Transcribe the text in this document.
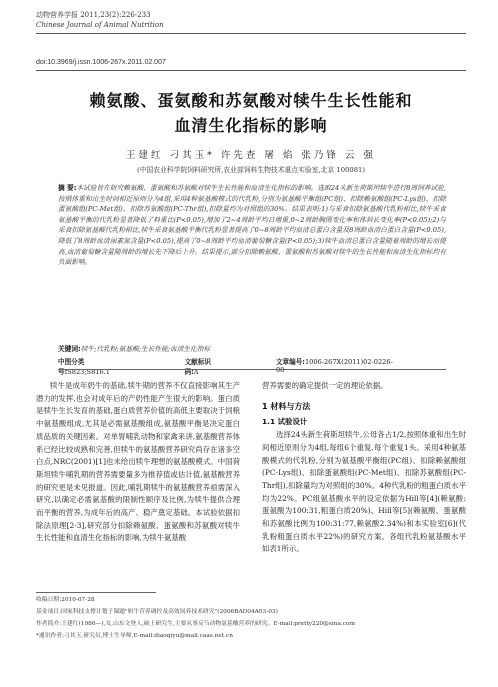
动物营养学报 2011,23(2):226-233
Chinese Journal of Animal Nutrition
doi:10.3969/j.issn.1006-267x.2011.02.007
赖氨酸、蛋氨酸和苏氨酸对犊牛生长性能和
血清生化指标的影响
王建红 刁其玉* 许先查 屠 焰 张乃锋 云 强
(中国农业科学院饲料研究所,农业部饲料生物技术重点实验室,北京 100081)
摘 要:本试验旨在研究赖氨酸、蛋氨酸和苏氨酸对犊牛生长性能和血清生化指标的影响。选取24头新生荷斯坦犊牛进行8周饲养试验,按照体重和出生时间相近原则分为4组,采用4种氨基酸模式的代乳粉,分别为氨基酸平衡组(PC组)、扣除赖氨酸组(PC-Lys组)、扣除蛋氨酸组(PC-Met组)、扣除苏氨酸组(PC-Thr组),扣除量均为对照组的30%。结果表明:1)与采食扣除氨基酸代乳粉相比,犊牛采食氨基酸平衡的代乳粉显著降低了料重比(P<0.05),增加了2~4周龄平均日增重,0~2周龄胸围变化率和体斜长变化率(P<0.05);2)与采食扣除氨基酸代乳粉相比,犊牛采食氨基酸平衡代乳粉显著提高了0~8周龄平均血清总蛋白含量及8周龄血清白蛋白含量(P<0.05),降低了8周龄血清尿素氮含量(P<0.05),提高了0~8周龄平均血清葡萄糖含量(P<0.05);3)犊牛血清总蛋白含量随着周龄的增长而提高,血清葡萄糖含量随周龄的增长先下降后上升。结果提示,部分扣除赖氨酸、蛋氨酸和苏氨酸对犊牛的生长性能和血清生化指标均有负面影响。
关键词:犊牛;代乳粉;氨基酸;生长性能;血清生化指标
中图分类号:S823;S816.1
文献标识码:A
文章编号:1006-267X(2011)02-0226-08

犊牛是成年奶牛的基础,犊牛期的营养不仅直接影响其生产潜力的发挥,也会对成年后的产奶性能产生很大的影响。蛋白质是犊牛生长发育的基础,蛋白质营养价值的高低主要取决于饲粮中氨基酸组成,尤其是必需氨基酸组成,氨基酸平衡是决定蛋白质品质的关键因素。对单胃哺乳动物和家禽来讲,氨基酸营养体系已经比较成熟和完善,但犊牛的氨基酸营养研究尚存在诸多空白点,NRC(2001)[1]也未给出犊牛理想的氨基酸模式。中国荷斯坦犊牛哺乳期的营养需要量多为推荐值或估计值,氨基酸营养的研究更是未见报道。因此,哺乳期犊牛的氨基酸营养亟需深入研究,以确定必需氨基酸的限制性顺序及比例,为犊牛提供合理而平衡的营养,为成年后的高产、稳产奠定基础。本试验依据扣除法原理[2-3],研究部分扣除赖氨酸、蛋氨酸和苏氨酸对犊牛生长性能和血清生化指标的影响,为犊牛氨基酸

营养需要的确定提供一定的理论依据。

1 材料与方法

1.1 试验设计

选择24头新生荷斯坦犊牛,公母各占1/2,按照体重和出生时间相近原则分为4组,每组6个重复,每个重复1头。采用4种氨基酸模式的代乳粉,分别为氨基酸平衡组(PC组)、扣除赖氨酸组(PC-Lys组)、扣除蛋氨酸组(PC-Met组)、扣除苏氨酸组(PC-Thr组),扣除量均为对照组的30%。4种代乳粉的粗蛋白质水平均为22%。PC组氨基酸水平的设定依据为Hill等[4](赖氨酸:蛋氨酸为100:31,粗蛋白质20%)、Hill等[5](赖氨酸、蛋氨酸和苏氨酸比例为100:31:77,赖氨酸2.34%)和本实验室[6](代乳粉粗蛋白质水平22%)的研究方案。各组代乳粉氨基酸水平如表1所示。

收稿日期:2010-07-28
基金项目:国家科技支撑计划子课题"奶牛营养调控及高效饲养技术研究"(2006BAD04A03-03)
作者简介:王建红(1986—),女,山东文登人,硕士研究生,主要从事反刍动物氨基酸营养的研究。E-mail:pretty220@sina.com
*通讯作者:刁其玉,研究员,博士生导师,E-mail:diaoqiyu@mail.caas.net.cn
